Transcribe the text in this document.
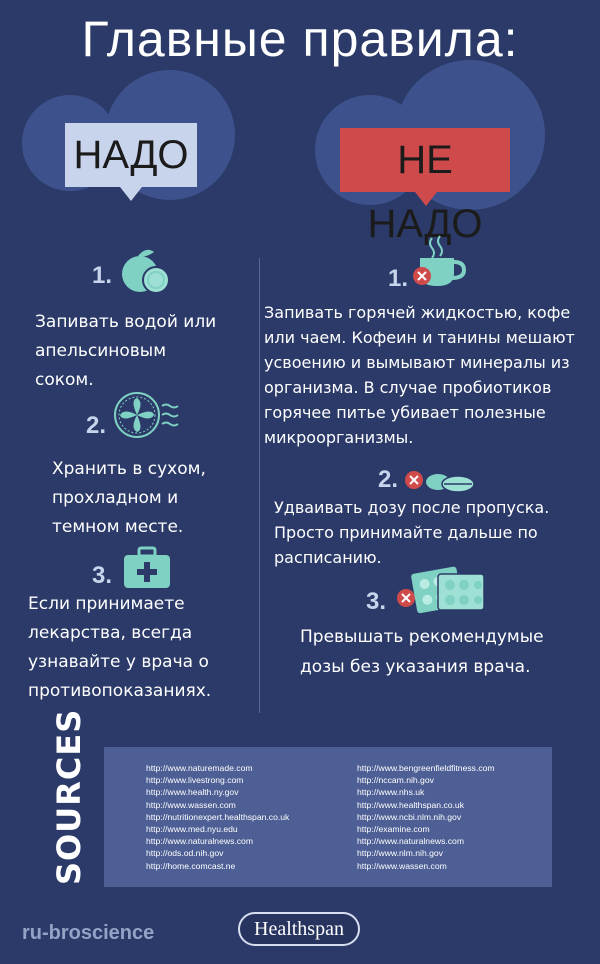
Главные правила:
НАДО	НЕ НАДО
1.
Запивать водой или
апельсиновым
соком.
2.
Хранить в сухом,
прохладном и
темном месте.
3.
Если принимаете
лекарства, всегда
узнавайте у врача о
противопоказаниях.
1.
Запивать горячей жидкостью, кофе
или чаем. Кофеин и танины мешают
усвоению и вымывают минералы из
организма. В случае пробиотиков
горячее питье убивает полезные
микроорганизмы.
2.
Удваивать дозу после пропуска.
Просто принимайте дальше по
расписанию.
3.
Превышать рекомендумые
дозы без указания врача.
SOURCES	http://www.naturemade.com
http://www.livestrong.com
http://www.health.ny.gov
http://www.wassen.com
http://nutritionexpert.healthspan.co.uk
http://www.med.nyu.edu
http://www.naturalnews.com
http://ods.od.nih.gov
http://home.comcast.ne
http://www.bengreenfieldfitness.com
http://nccam.nih.gov
http://www.nhs.uk
http://www.healthspan.co.uk
http://www.ncbi.nlm.nih.gov
http://examine.com
http://www.naturalnews.com
http://www.nlm.nih.gov
http://www.wassen.com
ru-broscience	Healthspan
